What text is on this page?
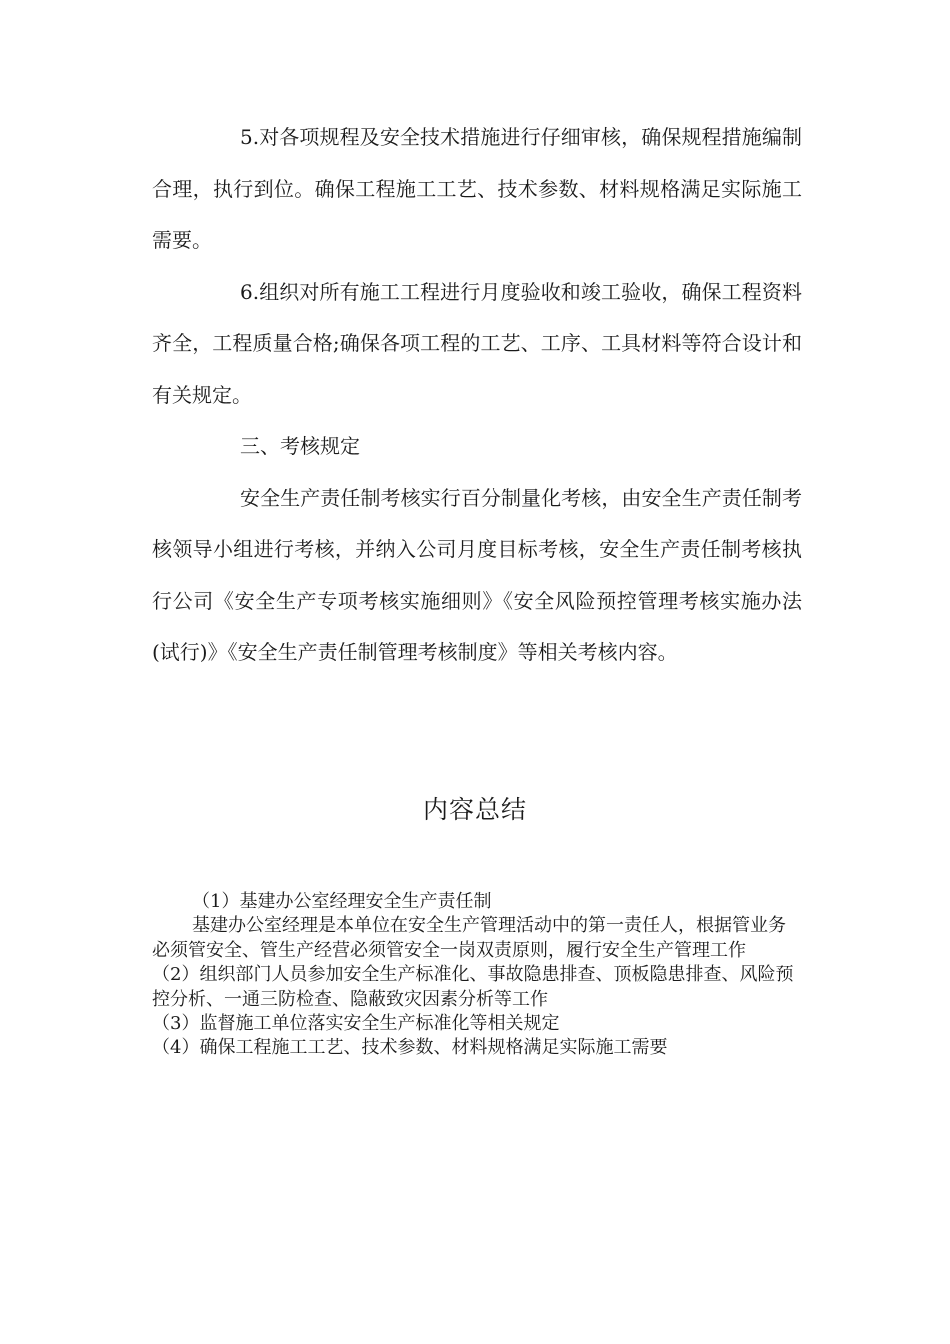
5.对各项规程及安全技术措施进行仔细审核，确保规程措施编制合理，执行到位。确保工程施工工艺、技术参数、材料规格满足实际施工需要。

6.组织对所有施工工程进行月度验收和竣工验收，确保工程资料齐全，工程质量合格;确保各项工程的工艺、工序、工具材料等符合设计和有关规定。

三、考核规定

安全生产责任制考核实行百分制量化考核，由安全生产责任制考核领导小组进行考核，并纳入公司月度目标考核，安全生产责任制考核执行公司《安全生产专项考核实施细则》《安全风险预控管理考核实施办法(试行)》《安全生产责任制管理考核制度》等相关考核内容。

内容总结

（1）基建办公室经理安全生产责任制

基建办公室经理是本单位在安全生产管理活动中的第一责任人，根据管业务必须管安全、管生产经营必须管安全一岗双责原则，履行安全生产管理工作

（2）组织部门人员参加安全生产标准化、事故隐患排查、顶板隐患排查、风险预控分析、一通三防检查、隐蔽致灾因素分析等工作

（3）监督施工单位落实安全生产标准化等相关规定

（4）确保工程施工工艺、技术参数、材料规格满足实际施工需要
